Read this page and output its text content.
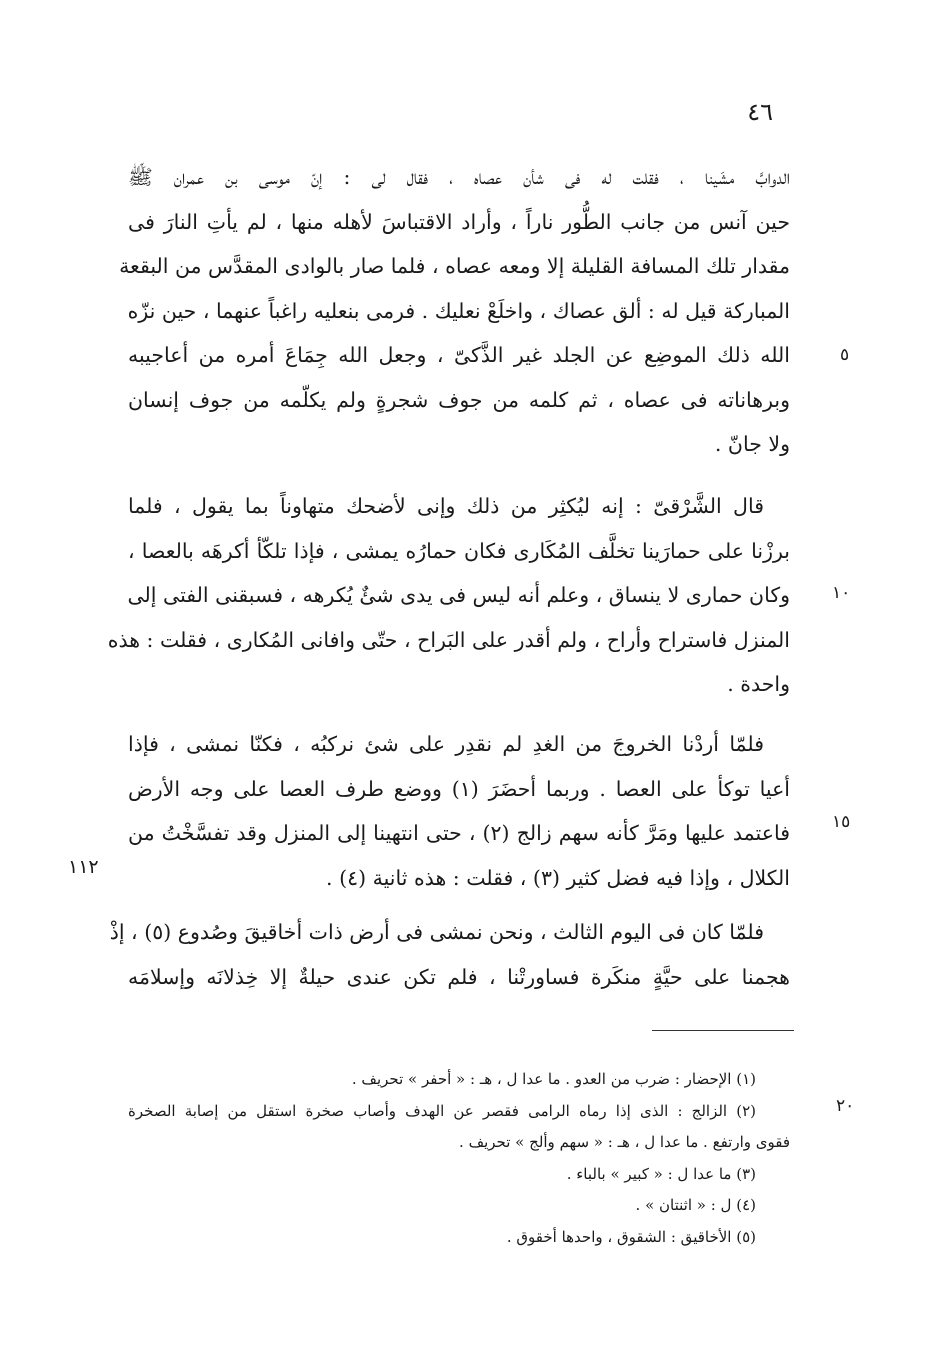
٤٦
الدوابَّ مشَينا ، فقلت له فى شأن عصاه ، فقال لى : إنّ موسى بن عمران ﷺ
حين آنس من جانب الطُّور ناراً ، وأراد الاقتباسَ لأهله منها ، لم يأتِ النارَ فى
مقدار تلك المسافة القليلة إلا ومعه عصاه ، فلما صار بالوادى المقدَّس من البقعة
المباركة قيل له : ألق عصاك ، واخلَعْ نعليك . فرمى بنعليه راغباً عنهما ، حين نزّه
الله ذلك الموضِع عن الجلد غير الذَّكىّ ، وجعل الله جِمَاعَ أمره من أعاجيبه
وبرهاناته فى عصاه ، ثم كلمه من جوف شجرةٍ ولم يكلّمه من جوف إنسان
ولا جانّ .
قال الشَّرْقىّ : إنه ليُكثِر من ذلك وإنى لأضحك متهاوناً بما يقول ، فلما
برزْنا على حمارَينا تخلَّف المُكَارى فكان حمارُه يمشى ، فإذا تلكّأ أكرهَه بالعصا ،
وكان حمارى لا ينساق ، وعلم أنه ليس فى يدى شئٌ يُكرهه ، فسبقنى الفتى إلى
المنزل فاستراح وأراح ، ولم أقدر على البَراح ، حتّى وافانى المُكارى ، فقلت : هذه
واحدة .
فلمّا أردْنا الخروجَ من الغدِ لم نقدِر على شئ نركبُه ، فكنّا نمشى ، فإذا
أعيا توكأ على العصا . وربما أحضَرَ (١) ووضع طرف العصا على وجه الأرض
فاعتمد عليها ومَرَّ كأنه سهم زالج (٢) ، حتى انتهينا إلى المنزل وقد تفسَّخْتُ من
الكلال ، وإذا فيه فضل كثير (٣) ، فقلت : هذه ثانية (٤) .
فلمّا كان فى اليوم الثالث ، ونحن نمشى فى أرض ذات أخاقيقَ وصُدوع (٥) ، إذْ
هجمنا على حيَّةٍ منكَرة فساورتْنا ، فلم تكن عندى حيلةٌ إلا خِذلانَه وإسلامَه
٥
١٠
١٥
٢٠
١١٢
(١) الإحضار : ضرب من العدو . ما عدا ل ، هـ : « أحفر » تحريف .
(٢) الزالج : الذى إذا رماه الرامى فقصر عن الهدف وأصاب صخرة استقل من إصابة الصخرة
فقوى وارتفع . ما عدا ل ، هـ : « سهم وألج » تحريف .
(٣) ما عدا ل : « كبير » بالباء .
(٤) ل : « اثنتان » .
(٥) الأخاقيق : الشقوق ، واحدها أخقوق .
